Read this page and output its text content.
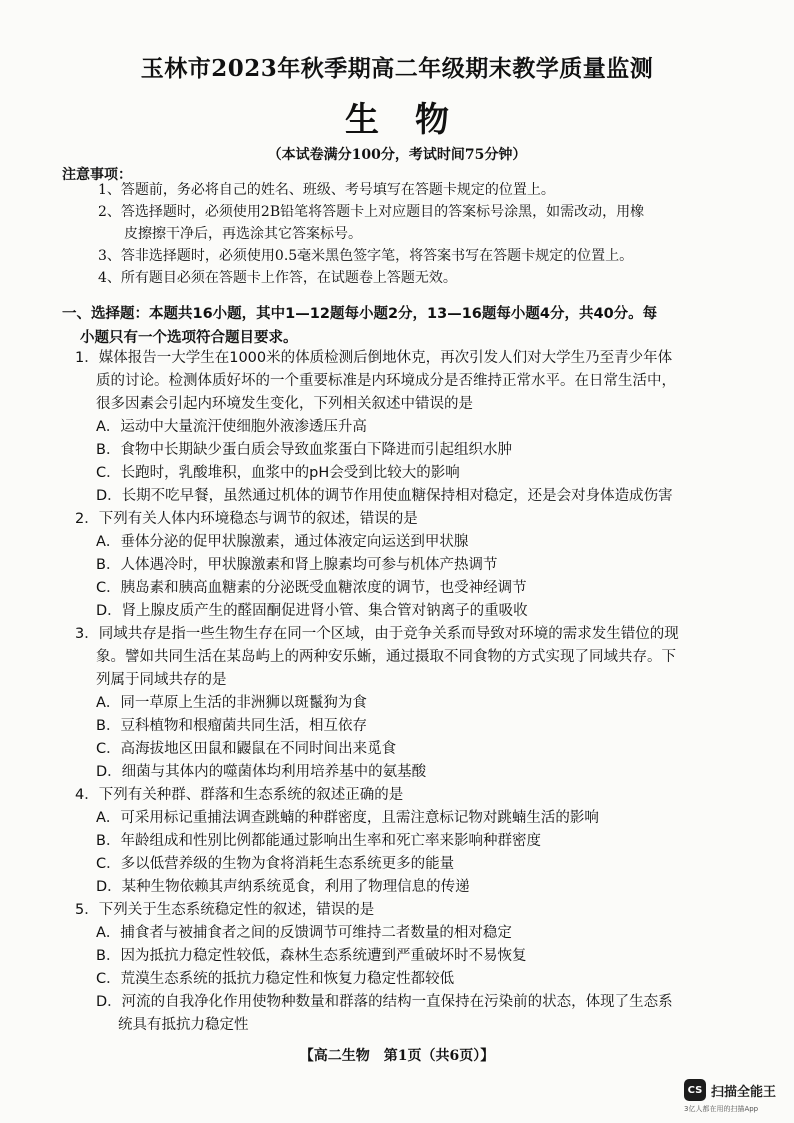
玉林市2023年秋季期高二年级期末教学质量监测
生物
（本试卷满分100分，考试时间75分钟）
注意事项：
1、答题前，务必将自己的姓名、班级、考号填写在答题卡规定的位置上。
2、答选择题时，必须使用2B铅笔将答题卡上对应题目的答案标号涂黑，如需改动，用橡
皮擦擦干净后，再选涂其它答案标号。
3、答非选择题时，必须使用0.5毫米黑色签字笔，将答案书写在答题卡规定的位置上。
4、所有题目必须在答题卡上作答，在试题卷上答题无效。
一、选择题：本题共16小题，其中1—12题每小题2分，13—16题每小题4分，共40分。每
小题只有一个选项符合题目要求。
1．媒体报告一大学生在1000米的体质检测后倒地休克，再次引发人们对大学生乃至青少年体
质的讨论。检测体质好坏的一个重要标准是内环境成分是否维持正常水平。在日常生活中，
很多因素会引起内环境发生变化，下列相关叙述中错误的是
A．运动中大量流汗使细胞外液渗透压升高
B．食物中长期缺少蛋白质会导致血浆蛋白下降进而引起组织水肿
C．长跑时，乳酸堆积，血浆中的pH会受到比较大的影响
D．长期不吃早餐，虽然通过机体的调节作用使血糖保持相对稳定，还是会对身体造成伤害
2．下列有关人体内环境稳态与调节的叙述，错误的是
A．垂体分泌的促甲状腺激素，通过体液定向运送到甲状腺
B．人体遇冷时，甲状腺激素和肾上腺素均可参与机体产热调节
C．胰岛素和胰高血糖素的分泌既受血糖浓度的调节，也受神经调节
D．肾上腺皮质产生的醛固酮促进肾小管、集合管对钠离子的重吸收
3．同域共存是指一些生物生存在同一个区域，由于竞争关系而导致对环境的需求发生错位的现
象。譬如共同生活在某岛屿上的两种安乐蜥，通过摄取不同食物的方式实现了同域共存。下
列属于同域共存的是
A．同一草原上生活的非洲狮以斑鬣狗为食
B．豆科植物和根瘤菌共同生活，相互依存
C．高海拔地区田鼠和鼹鼠在不同时间出来觅食
D．细菌与其体内的噬菌体均利用培养基中的氨基酸
4．下列有关种群、群落和生态系统的叙述正确的是
A．可采用标记重捕法调查跳蝻的种群密度，且需注意标记物对跳蝻生活的影响
B．年龄组成和性别比例都能通过影响出生率和死亡率来影响种群密度
C．多以低营养级的生物为食将消耗生态系统更多的能量
D．某种生物依赖其声纳系统觅食，利用了物理信息的传递
5．下列关于生态系统稳定性的叙述，错误的是
A．捕食者与被捕食者之间的反馈调节可维持二者数量的相对稳定
B．因为抵抗力稳定性较低，森林生态系统遭到严重破坏时不易恢复
C．荒漠生态系统的抵抗力稳定性和恢复力稳定性都较低
D．河流的自我净化作用使物种数量和群落的结构一直保持在污染前的状态，体现了生态系
统具有抵抗力稳定性
【高二生物　第1页（共6页）】
CS 扫描全能王
3亿人都在用的扫描App
